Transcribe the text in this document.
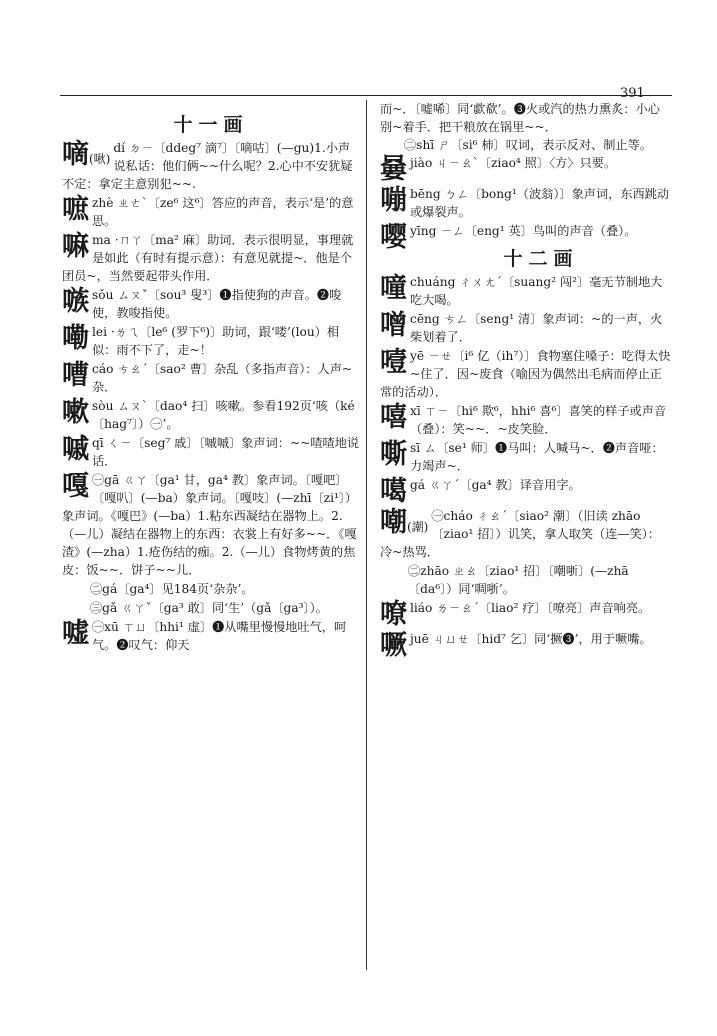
391
十一画
嘀(啾)
dí ㄉㄧ〔ddeg⁷ 滴⁷〕〔嘀咕〕(—gu)1.小声说私话：他们俩~~什么呢？2.心中不安犹疑不定：拿定主意别犯~~.
嗻zhè ㄓㄜˋ〔ze⁶ 这⁶〕答应的声音，表示‘是’的意思。
嘛ma ·ㄇㄚ〔ma² 麻〕助词．表示很明显，事理就是如此（有时有提示意）：有意见就提~．他是个团员~，当然要起带头作用．
嗾sǒu ㄙㄡˇ〔sou³ 叟³〕❶指使狗的声音。❷唆使，教唆指使。
嘞lei ·ㄌㄟ〔le⁶ (罗下⁶)〕助词，跟‘喽’(lou）相似：雨不下了，走~！
嘈cáo ㄘㄠˊ〔sao² 曹〕杂乱（多指声音）：人声~杂．
嗽sòu ㄙㄡˋ〔dao⁴ 扫〕咳嗽。参看192页‘咳（ké〔hag⁷〕）㊀’。
嘁qī ㄑㄧ〔seg⁷ 戚〕〔嘁嘁〕象声词：~~喳喳地说话．
嘎 ㊀gā ㄍㄚ〔ga¹ 甘，ga⁴ 教〕象声词。〔嘎吧〕〔嘎叭〕(—ba）象声词。〔嘎吱〕(—zhī〔zi¹〕）象声词。《嘎巴》(—ba）1.粘东西凝结在器物上。2.（—儿）凝结在器物上的东西：衣裳上有好多~~．《嘎渣》(—zha）1.疮伤结的痂。2.（—儿）食物烤黄的焦皮：饭~~．饼子~~儿．
㊁gá〔ga⁴〕见184页‘杂杂’。
㊂gǎ ㄍㄚˇ〔ga³ 敢〕同‘生’（gǎ〔ga³〕）。
嘘 ㊀xū ㄒㄩ〔hhi¹ 虚〕❶从嘴里慢慢地吐气，呵气。❷叹气：仰天

而~．〔嘘唏〕同‘歔欷’。❸火或汽的热力熏炙：小心别~着手．把干粮放在锅里~~．

㊁shī ㄕ〔si⁶ 柿〕叹词，表示反对、制止等。

嘦jiào ㄐㄧㄠˋ〔ziao⁴ 照〕〈方〉只要。
嘣bēng ㄅㄥ〔bong¹（波翁）〕象声词，东西跳动或爆裂声。
嘤yīng ㄧㄥ〔eng¹ 英〕鸟叫的声音（叠）。
十二画
噇chuáng ㄔㄨㄤˊ〔suang² 闯²〕毫无节制地大吃大喝。
噌cēng ㄘㄥ〔seng¹ 清〕象声词：~的一声，火柴划着了．
噎yē ㄧㄝ〔i⁶ 亿（ih⁷）〕食物塞住嗓子：吃得太快~住了．因~废食（喻因为偶然出毛病而停止正常的活动）．
嘻xī ㄒㄧ〔hi⁶ 欺⁶，hhi⁶ 喜⁶〕喜笑的样子或声音（叠）：笑~~．~皮笑脸．
嘶sī ㄙ〔se¹ 师〕❶马叫：人喊马~．❷声音哑：力竭声~．
噶gá ㄍㄚˊ〔ga⁴ 教〕译音用字。
嘲(謿)
㊀cháo ㄔㄠˊ〔siao² 潮〕（旧读 zhāo〔ziao¹ 招〕）讥笑，拿人取笑（连—笑）：冷~热骂．
㊁zhāo ㄓㄠ〔ziao¹ 招〕〔嘲哳〕(—zhā〔da⁶〕）同‘啁哳’。
嘹liáo ㄌㄧㄠˊ〔liao² 疗〕〔嘹亮〕声音响亮。
噘juē ㄐㄩㄝ〔hid⁷ 乞〕同‘撅❸’，用于噘嘴。
